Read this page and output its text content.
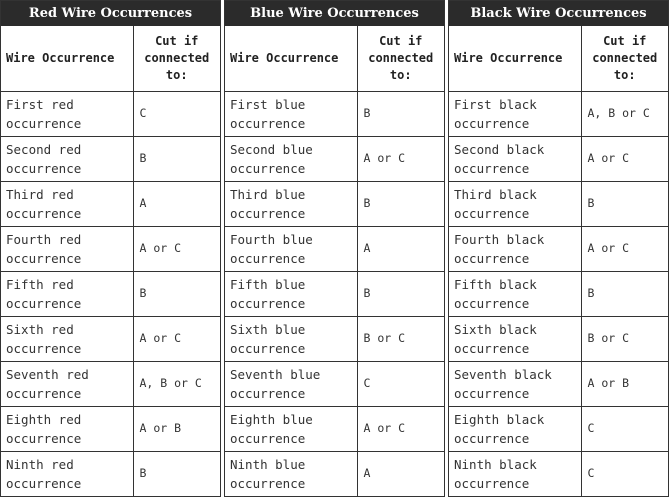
Red Wire Occurrences
Wire Occurrence	Cut if
connected
to:
First red
occurrence	C
Second red
occurrence	B
Third red
occurrence	A
Fourth red
occurrence	A or C
Fifth red
occurrence	B
Sixth red
occurrence	A or C
Seventh red
occurrence	A, B or C
Eighth red
occurrence	A or B
Ninth red
occurrence	B
Blue Wire Occurrences
Wire Occurrence	Cut if
connected
to:
First blue
occurrence	B
Second blue
occurrence	A or C
Third blue
occurrence	B
Fourth blue
occurrence	A
Fifth blue
occurrence	B
Sixth blue
occurrence	B or C
Seventh blue
occurrence	C
Eighth blue
occurrence	A or C
Ninth blue
occurrence	A
Black Wire Occurrences
Wire Occurrence	Cut if
connected
to:
First black
occurrence	A, B or C
Second black
occurrence	A or C
Third black
occurrence	B
Fourth black
occurrence	A or C
Fifth black
occurrence	B
Sixth black
occurrence	B or C
Seventh black
occurrence	A or B
Eighth black
occurrence	C
Ninth black
occurrence	C
